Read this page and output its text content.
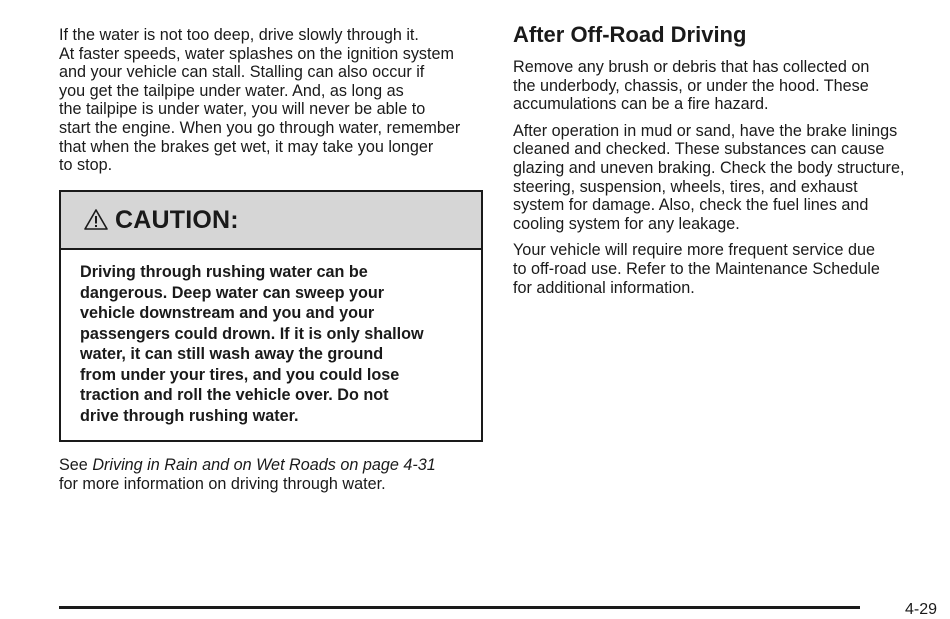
If the water is not too deep, drive slowly through it.
At faster speeds, water splashes on the ignition system
and your vehicle can stall. Stalling can also occur if
you get the tailpipe under water. And, as long as
the tailpipe is under water, you will never be able to
start the engine. When you go through water, remember
that when the brakes get wet, it may take you longer
to stop.

CAUTION:
Driving through rushing water can be
dangerous. Deep water can sweep your
vehicle downstream and you and your
passengers could drown. If it is only shallow
water, it can still wash away the ground
from under your tires, and you could lose
traction and roll the vehicle over. Do not
drive through rushing water.
See Driving in Rain and on Wet Roads on page 4-31
for more information on driving through water.
After Off-Road Driving

Remove any brush or debris that has collected on
the underbody, chassis, or under the hood. These
accumulations can be a fire hazard.

After operation in mud or sand, have the brake linings
cleaned and checked. These substances can cause
glazing and uneven braking. Check the body structure,
steering, suspension, wheels, tires, and exhaust
system for damage. Also, check the fuel lines and
cooling system for any leakage.

Your vehicle will require more frequent service due
to off-road use. Refer to the Maintenance Schedule
for additional information.

4-29
